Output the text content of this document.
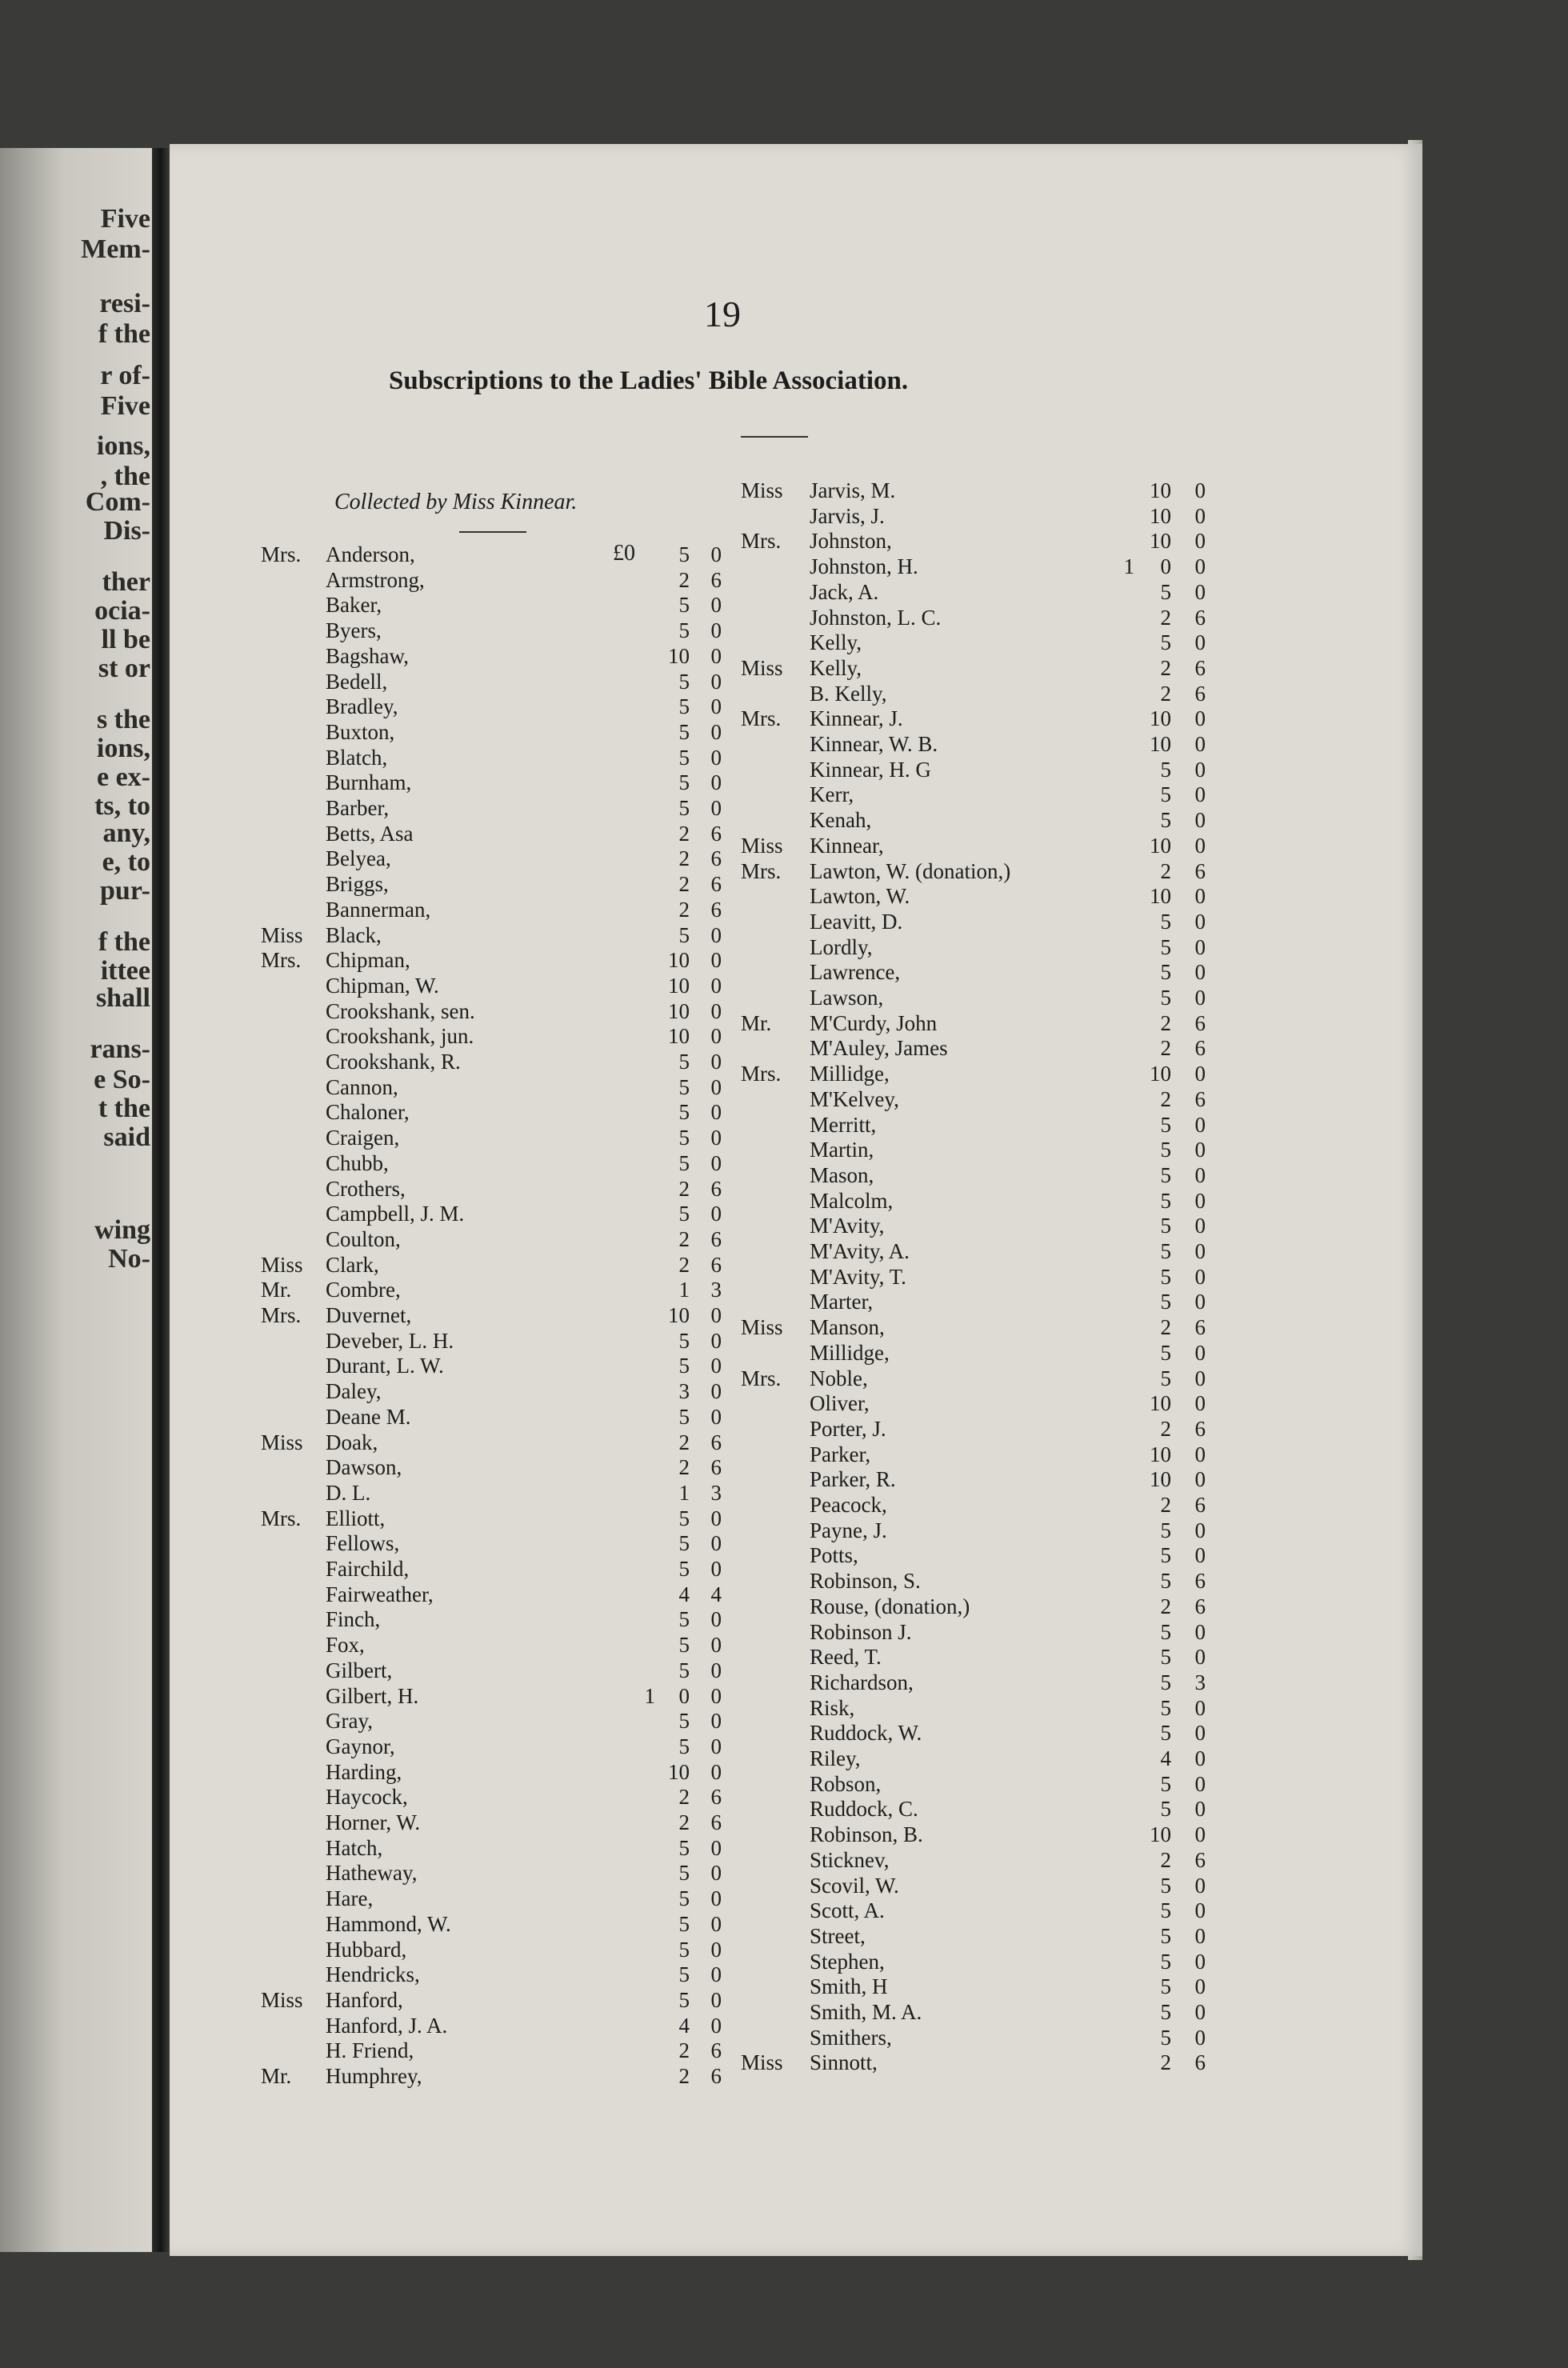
Five
Mem-
resi-
f the
r of-
Five
ions,
, the
Com-
Dis-
ther
ocia-
ll be
st or
s the
ions,
e ex-
ts, to
any,
e, to
pur-
f the
ittee
shall
rans-
e So-
t the
said
wing
No-
19
Subscriptions to the Ladies' Bible Association.
Collected by Miss Kinnear.
£0
Mrs. Anderson,	5 0
Armstrong,	2 6
Baker,	5 0
Byers,	5 0
Bagshaw,	10 0
Bedell,	5 0
Bradley,	5 0
Buxton,	5 0
Blatch,	5 0
Burnham,	5 0
Barber,	5 0
Betts, Asa	2 6
Belyea,	2 6
Briggs,	2 6
Bannerman,	2 6
Miss Black,	5 0
Mrs. Chipman,	10 0
Chipman, W.	10 0
Crookshank, sen.	10 0
Crookshank, jun.	10 0
Crookshank, R.	5 0
Cannon,	5 0
Chaloner,	5 0
Craigen,	5 0
Chubb,	5 0
Crothers,	2 6
Campbell, J. M.	5 0
Coulton,	2 6
Miss Clark,	2 6
Mr. Combre,	1 3
Mrs. Duvernet,	10 0
Deveber, L. H.	5 0
Durant, L. W.	5 0
Daley,	3 0
Deane M.	5 0
Miss Doak,	2 6
Dawson,	2 6
D. L.	1 3
Mrs. Elliott,	5 0
Fellows,	5 0
Fairchild,	5 0
Fairweather,	4 4
Finch,	5 0
Fox,	5 0
Gilbert,	5 0
Gilbert, H.	1	0 0
Gray,	5 0
Gaynor,	5 0
Harding,	10 0
Haycock,	2 6
Horner, W.	2 6
Hatch,	5 0
Hatheway,	5 0
Hare,	5 0
Hammond, W.	5 0
Hubbard,	5 0
Hendricks,	5 0
Miss Hanford,	5 0
Hanford, J. A.	4 0
H. Friend,	2 6
Mr. Humphrey,	2 6
Miss Jarvis, M.	10	0
Jarvis, J.	10	0
Mrs. Johnston,	10	0
Johnston, H.	1	0	0
Jack, A.	5	0
Johnston, L. C.	2	6
Kelly,	5	0
Miss Kelly,	2	6
B. Kelly,	2	6
Mrs. Kinnear, J.	10	0
Kinnear, W. B.	10	0
Kinnear, H. G	5	0
Kerr,	5	0
Kenah,	5	0
Miss Kinnear,	10	0
Mrs. Lawton, W. (donation,)	2	6
Lawton, W.	10	0
Leavitt, D.	5	0
Lordly,	5	0
Lawrence,	5	0
Lawson,	5	0
Mr. M'Curdy, John	2	6
M'Auley, James	2	6
Mrs. Millidge,	10	0
M'Kelvey,	2	6
Merritt,	5	0
Martin,	5	0
Mason,	5	0
Malcolm,	5	0
M'Avity,	5	0
M'Avity, A.	5	0
M'Avity, T.	5	0
Marter,	5	0
Miss Manson,	2	6
Millidge,	5	0
Mrs. Noble,	5	0
Oliver,	10	0
Porter, J.	2	6
Parker,	10	0
Parker, R.	10	0
Peacock,	2	6
Payne, J.	5	0
Potts,	5	0
Robinson, S.	5	6
Rouse, (donation,)	2	6
Robinson J.	5	0
Reed, T.	5	0
Richardson,	5	3
Risk,	5	0
Ruddock, W.	5	0
Riley,	4	0
Robson,	5	0
Ruddock, C.	5	0
Robinson, B.	10	0
Sticknev,	2	6
Scovil, W.	5	0
Scott, A.	5	0
Street,	5	0
Stephen,	5	0
Smith, H	5	0
Smith, M. A.	5	0
Smithers,	5	0
Miss Sinnott,	2	6
